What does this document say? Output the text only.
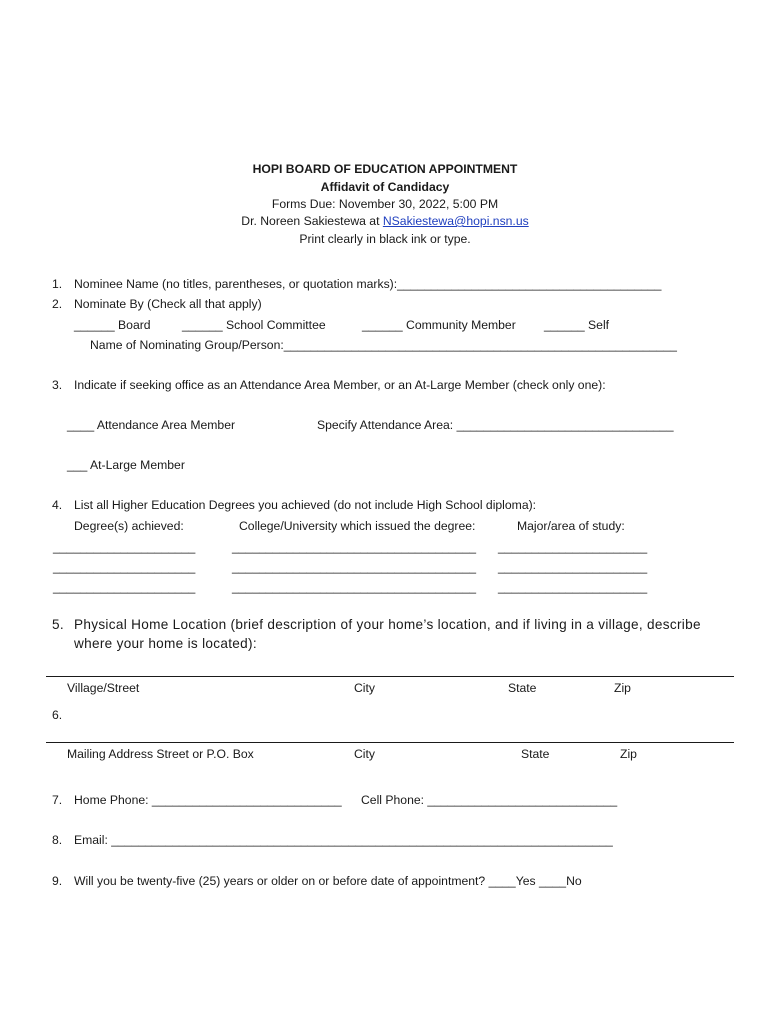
HOPI BOARD OF EDUCATION APPOINTMENT
Affidavit of Candidacy
Forms Due: November 30, 2022, 5:00 PM
Dr. Noreen Sakiestewa at NSakiestewa@hopi.nsn.us
Print clearly in black ink or type.
1. Nominee Name (no titles, parentheses, or quotation marks):_______________________________________
2. Nominate By (Check all that apply)
______ Board	______ School Committee	______ Community Member ______ Self
Name of Nominating Group/Person:__________________________________________________________
3. Indicate if seeking office as an Attendance Area Member, or an At-Large Member (check only one):
____ Attendance Area Member	Specify Attendance Area: ________________________________
___ At-Large Member
4. List all Higher Education Degrees you achieved (do not include High School diploma):
Degree(s) achieved:	College/University which issued the degree:	Major/area of study:
_____________________	____________________________________ ______________________
_____________________	____________________________________ ______________________
_____________________	____________________________________ ______________________
5. Physical Home Location (brief description of your home’s location, and if living in a village, describe
where your home is located):
Village/Street	City	State	Zip
6.
Mailing Address Street or P.O. Box	City	State	Zip
7. Home Phone: ____________________________ Cell Phone: ____________________________
8. Email: __________________________________________________________________________
9. Will you be twenty-five (25) years or older on or before date of appointment? ____Yes ____No
